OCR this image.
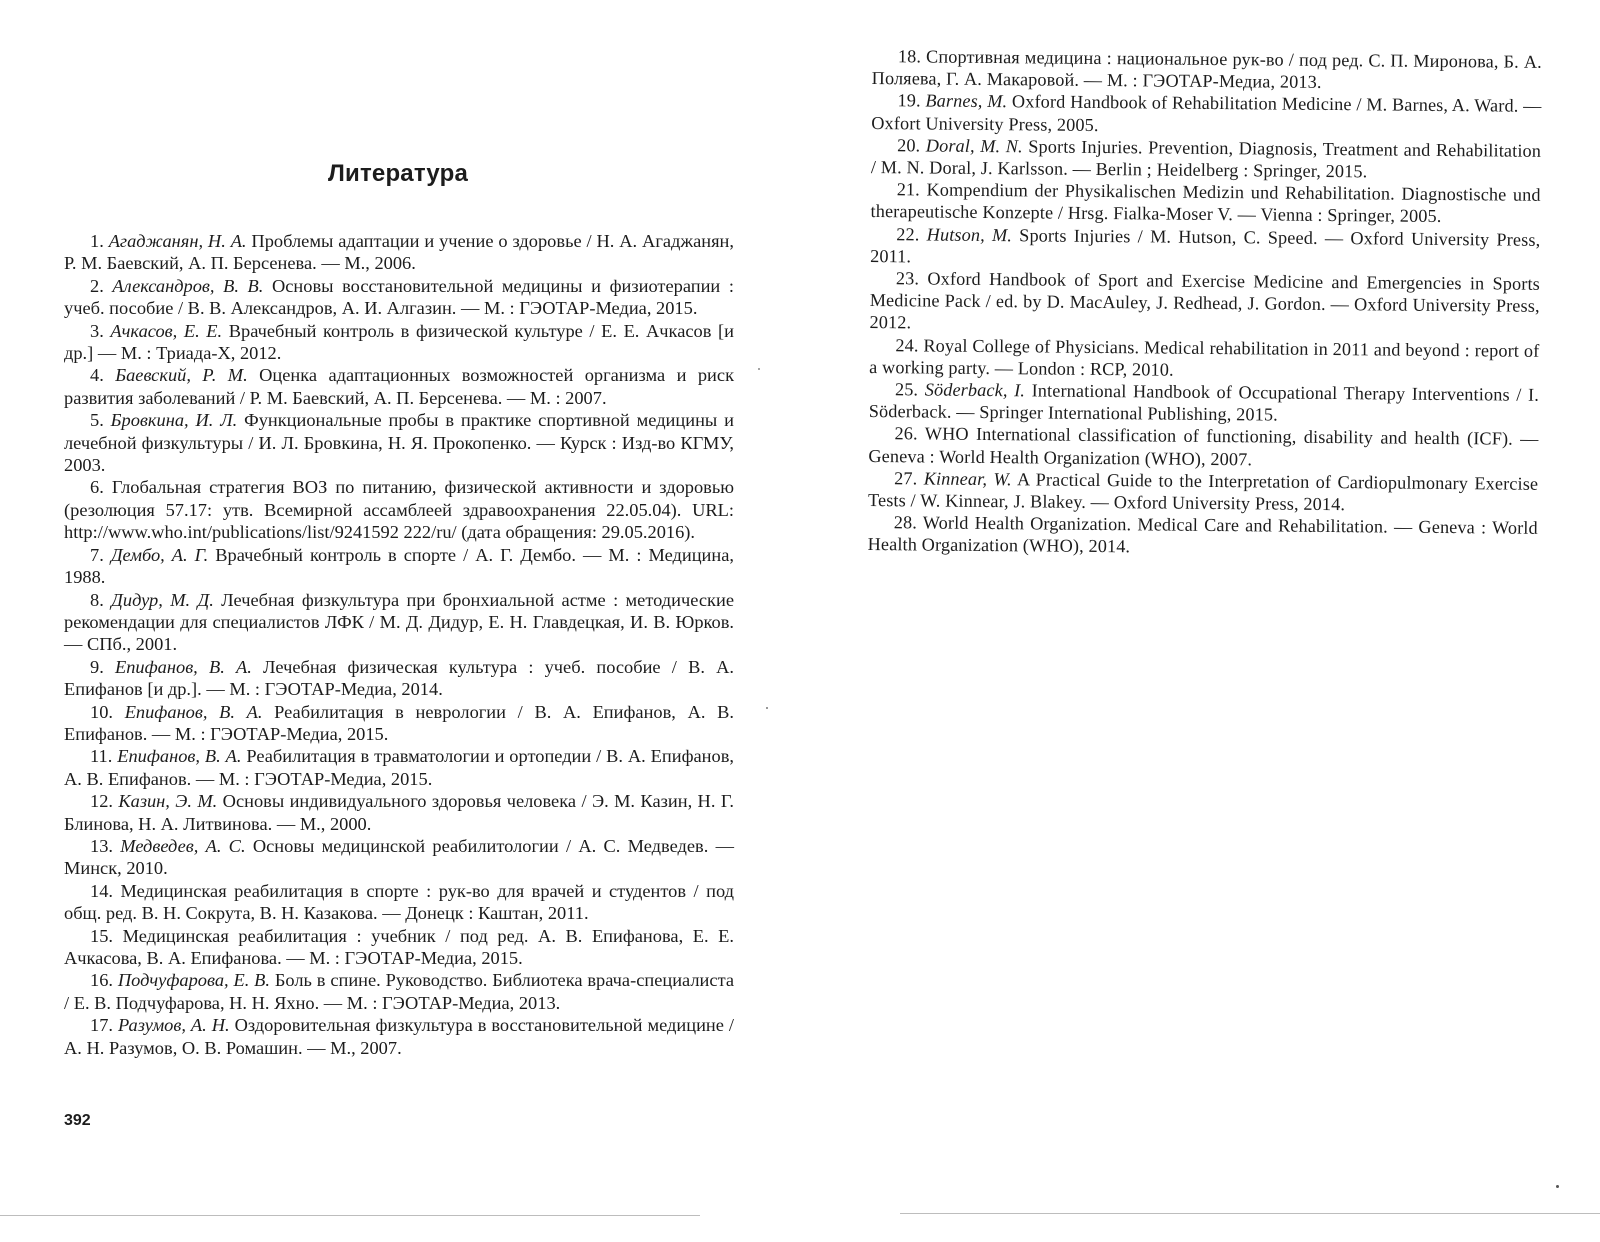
Литература

1. Агаджанян, Н. А. Проблемы адаптации и учение о здоровье / Н. А. Агаджанян, Р. М. Баевский, А. П. Берсенева. — М., 2006.

2. Александров, В. В. Основы восстановительной медицины и физиотерапии : учеб. пособие / В. В. Александров, А. И. Алгазин. — М. : ГЭОТАР-Медиа, 2015.

3. Ачкасов, Е. Е. Врачебный контроль в физической культуре / Е. Е. Ачкасов [и др.] — М. : Триада-Х, 2012.

4. Баевский, Р. М. Оценка адаптационных возможностей организма и риск развития заболеваний / Р. М. Баевский, А. П. Берсенева. — М. : 2007.

5. Бровкина, И. Л. Функциональные пробы в практике спортивной медицины и лечебной физкультуры / И. Л. Бровкина, Н. Я. Прокопенко. — Курск : Изд-во КГМУ, 2003.

6. Глобальная стратегия ВОЗ по питанию, физической активности и здоровью (резолюция 57.17: утв. Всемирной ассамблеей здравоохранения 22.05.04). URL: http://www.who.int/publications/list/9241592 222/ru/ (дата обращения: 29.05.2016).

7. Дембо, А. Г. Врачебный контроль в спорте / А. Г. Дембо. — М. : Медицина, 1988.

8. Дидур, М. Д. Лечебная физкультура при бронхиальной астме : методические рекомендации для специалистов ЛФК / М. Д. Дидур, Е. Н. Главдецкая, И. В. Юрков. — СПб., 2001.

9. Епифанов, В. А. Лечебная физическая культура : учеб. пособие / В. А. Епифанов [и др.]. — М. : ГЭОТАР-Медиа, 2014.

10. Епифанов, В. А. Реабилитация в неврологии / В. А. Епифанов, А. В. Епифанов. — М. : ГЭОТАР-Медиа, 2015.

11. Епифанов, В. А. Реабилитация в травматологии и ортопедии / В. А. Епифанов, А. В. Епифанов. — М. : ГЭОТАР-Медиа, 2015.

12. Казин, Э. М. Основы индивидуального здоровья человека / Э. М. Казин, Н. Г. Блинова, Н. А. Литвинова. — М., 2000.

13. Медведев, А. С. Основы медицинской реабилитологии / А. С. Медведев. — Минск, 2010.

14. Медицинская реабилитация в спорте : рук-во для врачей и студентов / под общ. ред. В. Н. Сокрута, В. Н. Казакова. — Донецк : Каштан, 2011.

15. Медицинская реабилитация : учебник / под ред. А. В. Епифанова, Е. Е. Ачкасова, В. А. Епифанова. — М. : ГЭОТАР-Медиа, 2015.

16. Подчуфарова, Е. В. Боль в спине. Руководство. Библиотека врача-специалиста / Е. В. Подчуфарова, Н. Н. Яхно. — М. : ГЭОТАР-Медиа, 2013.

17. Разумов, А. Н. Оздоровительная физкультура в восстановительной медицине / А. Н. Разумов, О. В. Ромашин. — М., 2007.

392

18. Спортивная медицина : национальное рук-во / под ред. С. П. Миронова, Б. А. Поляева, Г. А. Макаровой. — М. : ГЭОТАР-Медиа, 2013.

19. Barnes, M. Oxford Handbook of Rehabilitation Medicine / M. Barnes, A. Ward. — Oxfort University Press, 2005.

20. Doral, M. N. Sports Injuries. Prevention, Diagnosis, Treatment and Rehabilitation / M. N. Doral, J. Karlsson. — Berlin ; Heidelberg : Springer, 2015.

21. Kompendium der Physikalischen Medizin und Rehabilitation. Diagnostische und therapeutische Konzepte / Hrsg. Fialka-Moser V. — Vienna : Springer, 2005.

22. Hutson, M. Sports Injuries / M. Hutson, C. Speed. — Oxford University Press, 2011.

23. Oxford Handbook of Sport and Exercise Medicine and Emergencies in Sports Medicine Pack / ed. by D. MacAuley, J. Redhead, J. Gordon. — Oxford University Press, 2012.

24. Royal College of Physicians. Medical rehabilitation in 2011 and beyond : report of a working party. — London : RCP, 2010.

25. Söderback, I. International Handbook of Occupational Therapy Interventions / I. Söderback. — Springer International Publishing, 2015.

26. WHO International classification of functioning, disability and health (ICF). — Geneva : World Health Organization (WHO), 2007.

27. Kinnear, W. A Practical Guide to the Interpretation of Cardiopulmonary Exercise Tests / W. Kinnear, J. Blakey. — Oxford University Press, 2014.

28. World Health Organization. Medical Care and Rehabilitation. — Geneva : World Health Organization (WHO), 2014.
